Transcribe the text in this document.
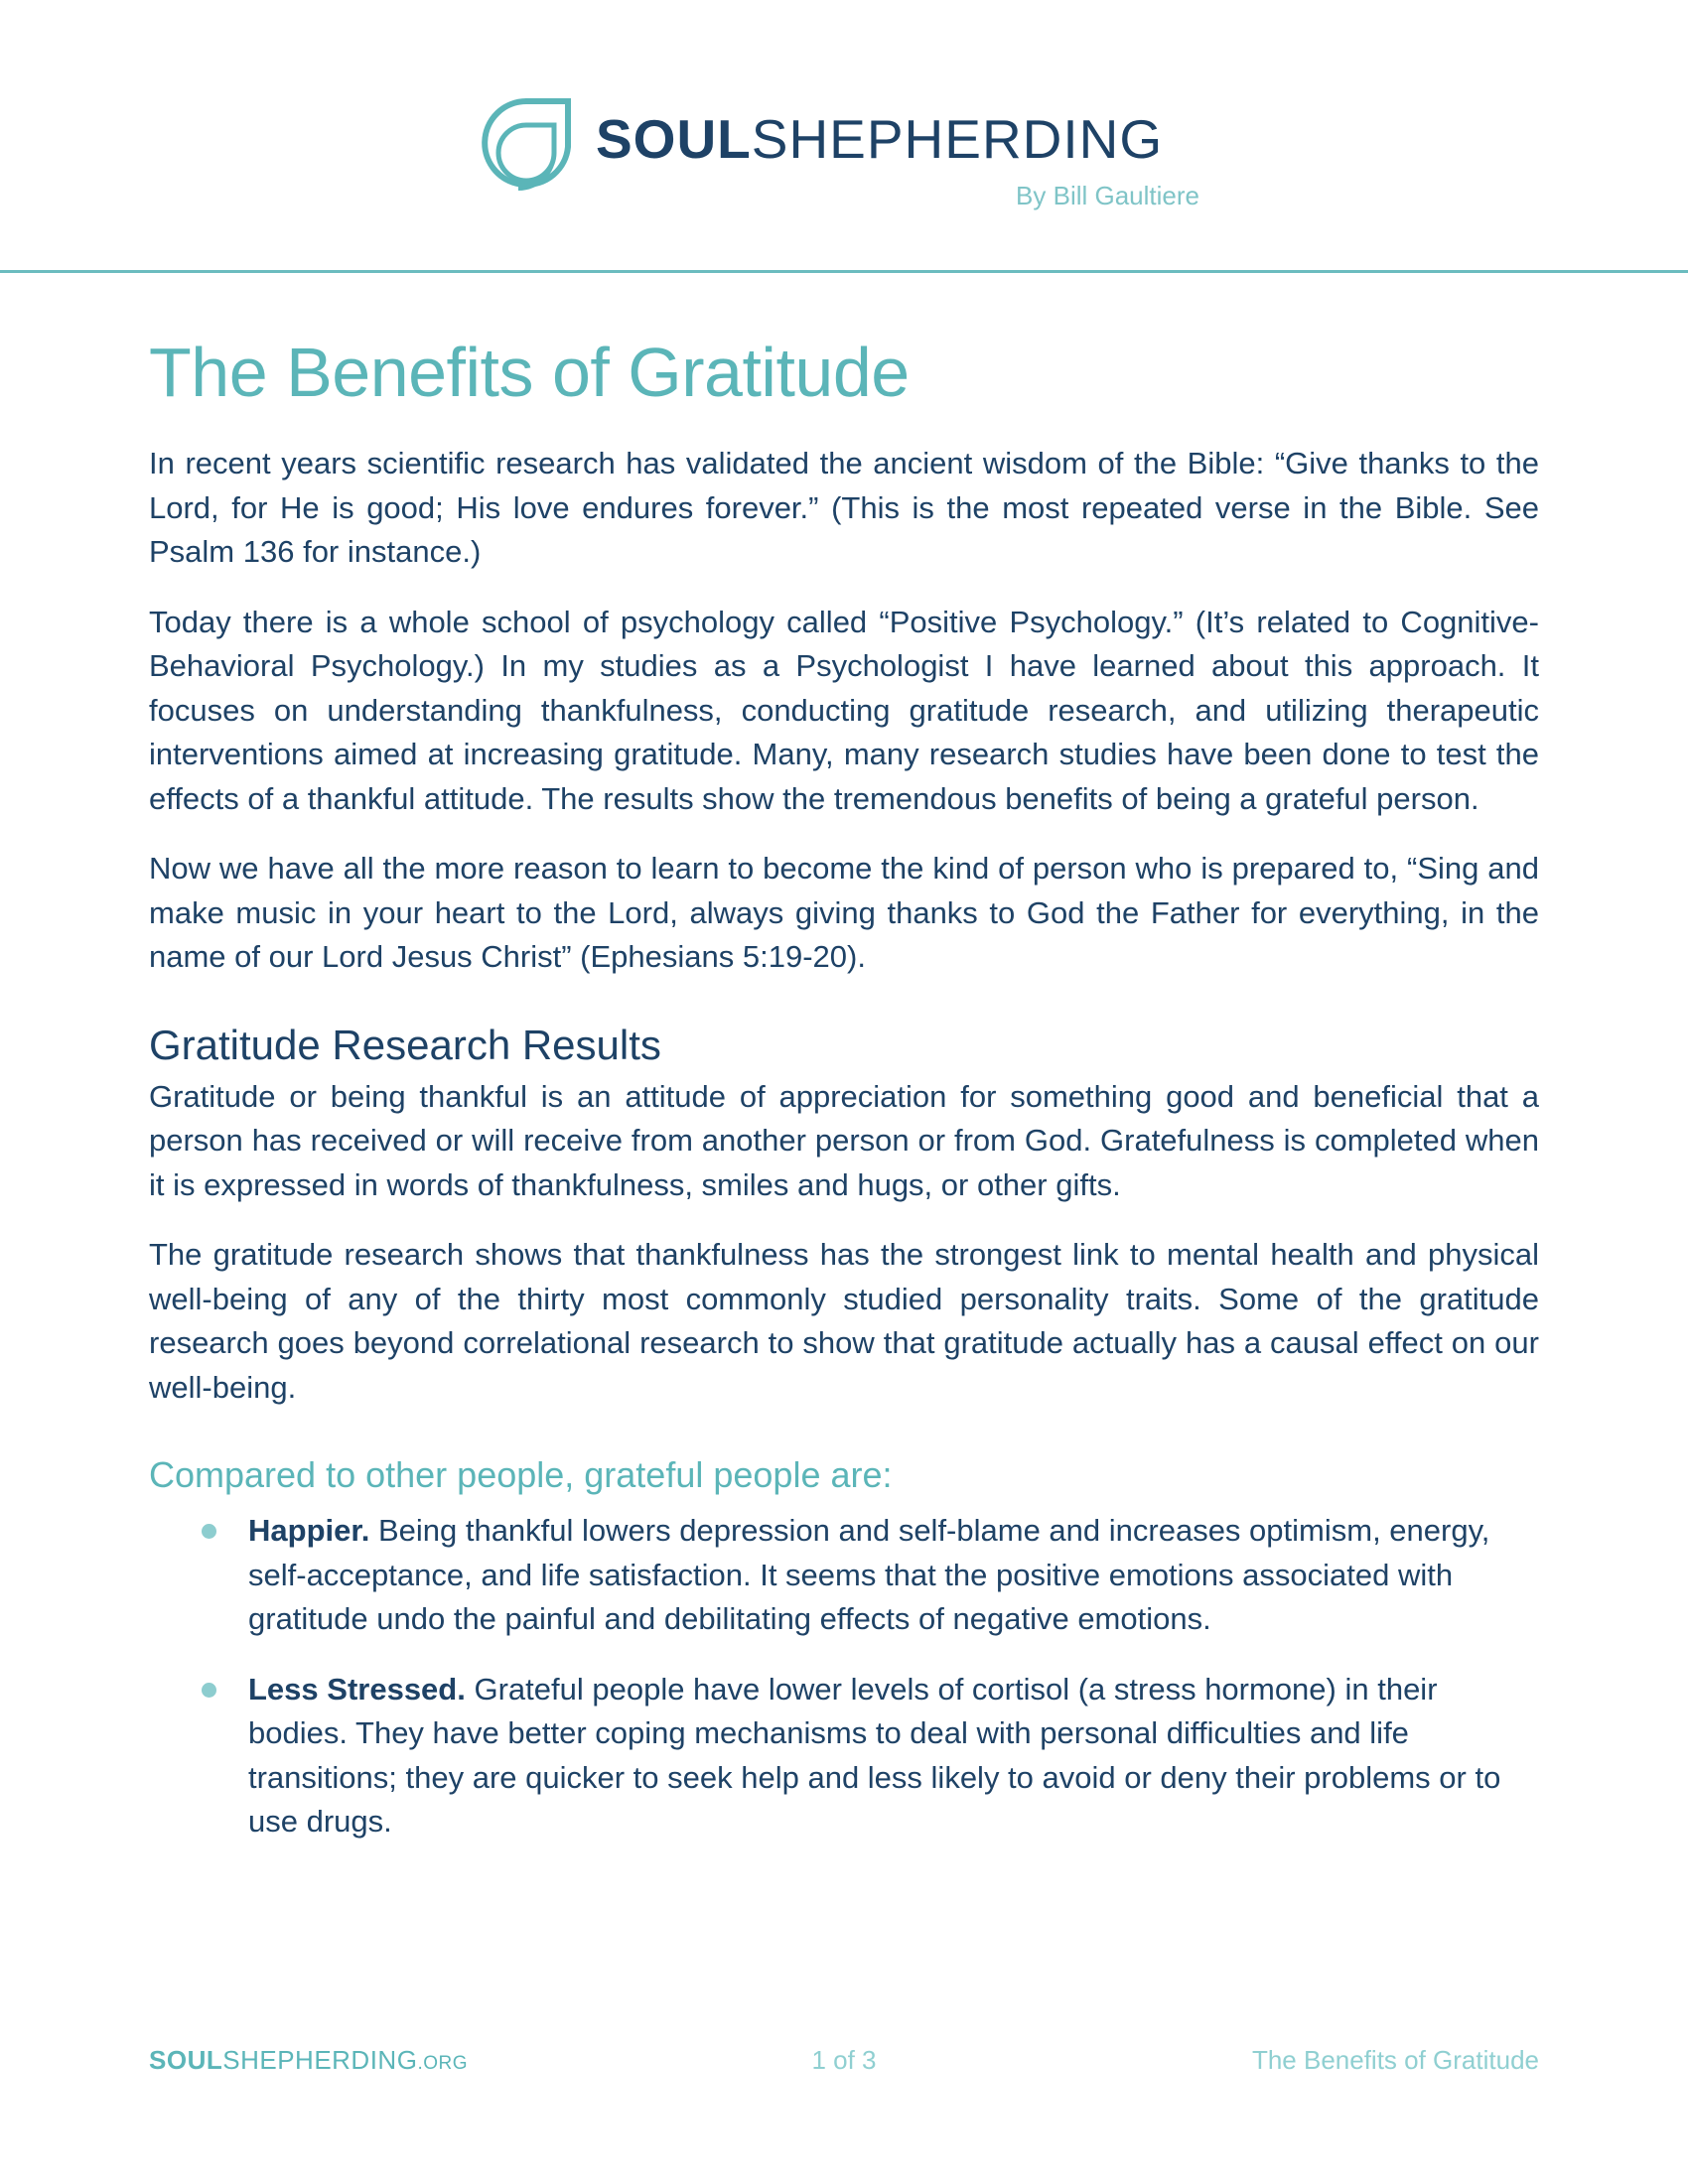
SOULSHEPHERDING
By Bill Gaultiere
The Benefits of Gratitude

In recent years scientific research has validated the ancient wisdom of the Bible: “Give thanks to the Lord, for He is good; His love endures forever.” (This is the most repeated verse in the Bible. See Psalm 136 for instance.)

Today there is a whole school of psychology called “Positive Psychology.” (It’s related to Cognitive-Behavioral Psychology.) In my studies as a Psychologist I have learned about this approach. It focuses on understanding thankfulness, conducting gratitude research, and utilizing therapeutic interventions aimed at increasing gratitude. Many, many research studies have been done to test the effects of a thankful attitude. The results show the tremendous benefits of being a grateful person.

Now we have all the more reason to learn to become the kind of person who is prepared to, “Sing and make music in your heart to the Lord, always giving thanks to God the Father for everything, in the name of our Lord Jesus Christ” (Ephesians 5:19-20).

Gratitude Research Results

Gratitude or being thankful is an attitude of appreciation for something good and beneficial that a person has received or will receive from another person or from God. Gratefulness is completed when it is expressed in words of thankfulness, smiles and hugs, or other gifts.

The gratitude research shows that thankfulness has the strongest link to mental health and physical well-being of any of the thirty most commonly studied personality traits. Some of the gratitude research goes beyond correlational research to show that gratitude actually has a causal effect on our well-being.

Compared to other people, grateful people are:
Happier. Being thankful lowers depression and self-blame and increases optimism, energy, self-acceptance, and life satisfaction. It seems that the positive emotions associated with gratitude undo the painful and debilitating effects of negative emotions.
Less Stressed. Grateful people have lower levels of cortisol (a stress hormone) in their bodies. They have better coping mechanisms to deal with personal difficulties and life transitions; they are quicker to seek help and less likely to avoid or deny their problems or to use drugs.
SOULSHEPHERDING.ORG	1 of 3	The Benefits of Gratitude
